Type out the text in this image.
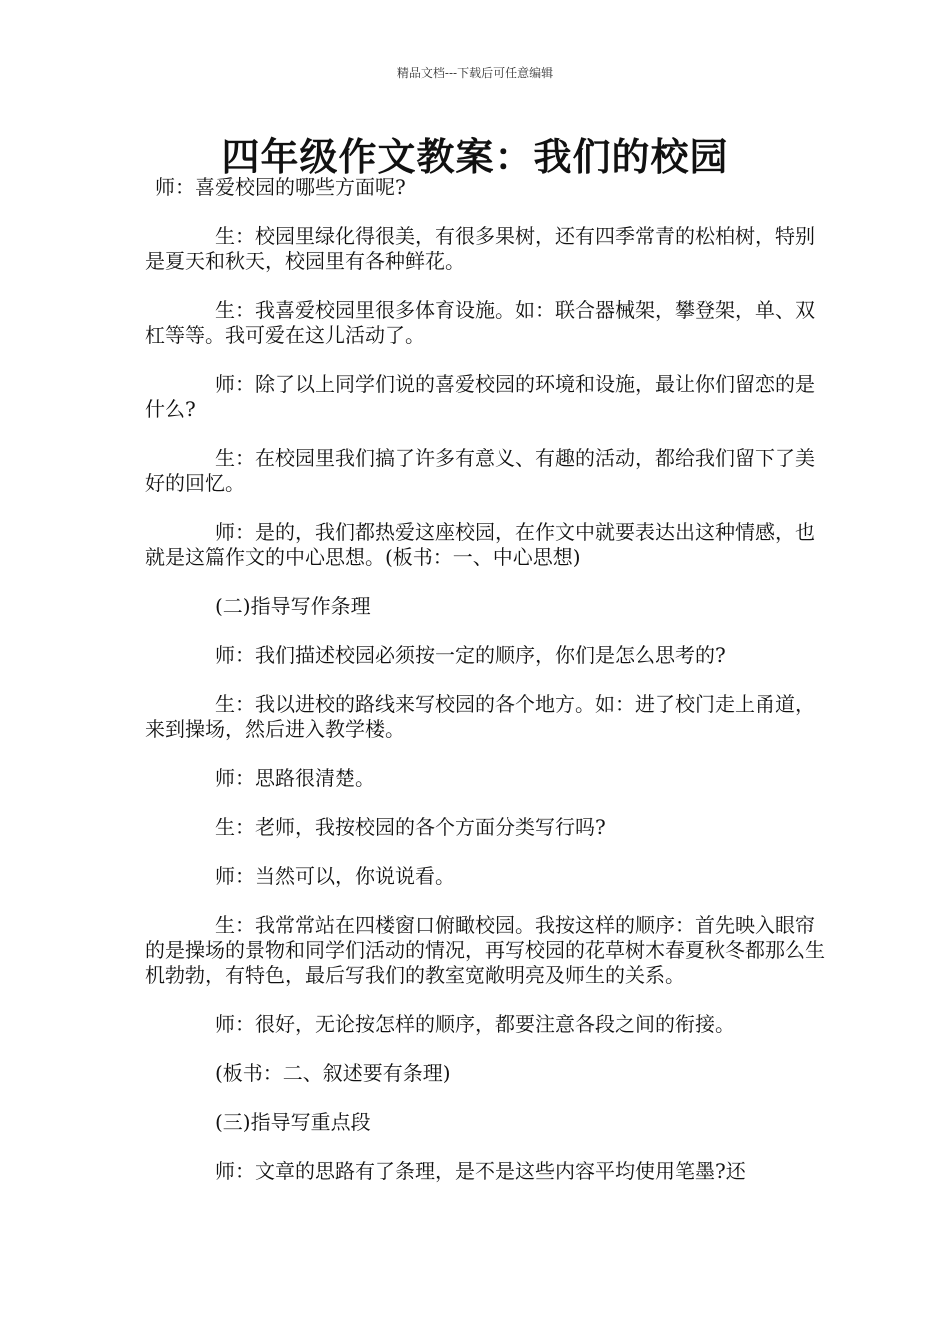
精品文档---下载后可任意编辑
四年级作文教案：我们的校园

师：喜爱校园的哪些方面呢?

生：校园里绿化得很美，有很多果树，还有四季常青的松柏树，特别是夏天和秋天，校园里有各种鲜花。

生：我喜爱校园里很多体育设施。如：联合器械架，攀登架，单、双杠等等。我可爱在这儿活动了。

师：除了以上同学们说的喜爱校园的环境和设施，最让你们留恋的是什么?

生：在校园里我们搞了许多有意义、有趣的活动，都给我们留下了美好的回忆。

师：是的，我们都热爱这座校园，在作文中就要表达出这种情感，也就是这篇作文的中心思想。(板书：一、中心思想)

(二)指导写作条理

师：我们描述校园必须按一定的顺序，你们是怎么思考的?

生：我以进校的路线来写校园的各个地方。如：进了校门走上甬道，来到操场，然后进入教学楼。

师：思路很清楚。

生：老师，我按校园的各个方面分类写行吗?

师：当然可以，你说说看。

生：我常常站在四楼窗口俯瞰校园。我按这样的顺序：首先映入眼帘的是操场的景物和同学们活动的情况，再写校园的花草树木春夏秋冬都那么生机勃勃，有特色，最后写我们的教室宽敞明亮及师生的关系。

师：很好，无论按怎样的顺序，都要注意各段之间的衔接。

(板书：二、叙述要有条理)

(三)指导写重点段

师：文章的思路有了条理，是不是这些内容平均使用笔墨?还
